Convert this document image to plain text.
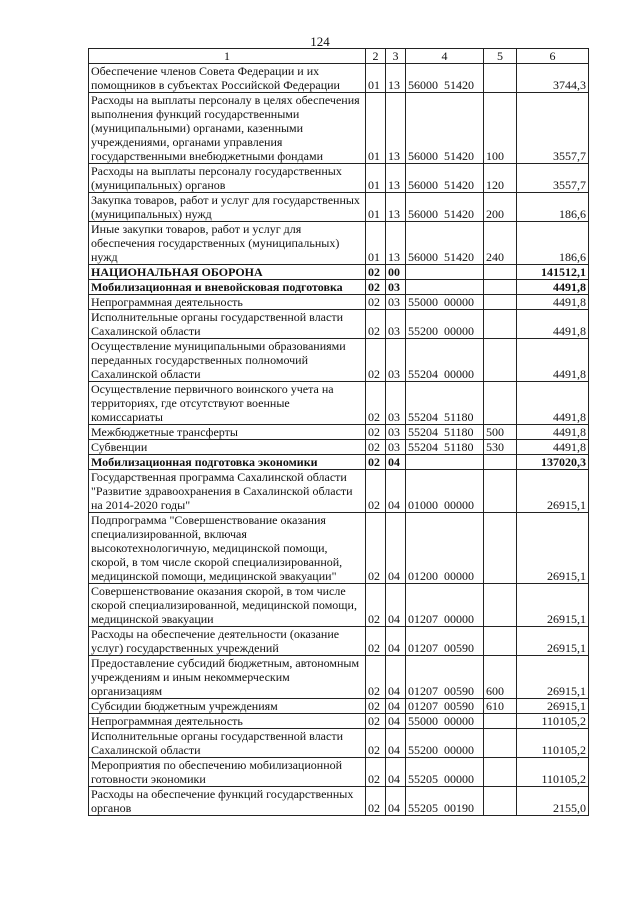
124
1	2	3	4	5	6
Обеспечение членов Совета Федерации и их помощников в субъектах Российской Федерации	01	13	56000  51420		3744,3
Расходы на выплаты персоналу в целях обеспечения выполнения функций государственными (муниципальными) органами, казенными учреждениями, органами управления государственными внебюджетными фондами	01	13	56000  51420	100	3557,7
Расходы на выплаты персоналу государственных (муниципальных) органов	01	13	56000  51420	120	3557,7
Закупка товаров, работ и услуг для государственных (муниципальных) нужд	01	13	56000  51420	200	186,6
Иные закупки товаров, работ и услуг для обеспечения государственных (муниципальных) нужд	01	13	56000  51420	240	186,6
НАЦИОНАЛЬНАЯ ОБОРОНА	02	00			141512,1
Мобилизационная и вневойсковая подготовка	02	03			4491,8
Непрограммная деятельность	02	03	55000  00000		4491,8
Исполнительные органы государственной власти Сахалинской области	02	03	55200  00000		4491,8
Осуществление муниципальными образованиями переданных государственных полномочий Сахалинской области	02	03	55204  00000		4491,8
Осуществление первичного воинского учета на территориях, где отсутствуют военные комиссариаты	02	03	55204  51180		4491,8
Межбюджетные трансферты	02	03	55204  51180	500	4491,8
Субвенции	02	03	55204  51180	530	4491,8
Мобилизационная подготовка экономики	02	04			137020,3
Государственная программа Сахалинской области "Развитие здравоохранения в Сахалинской области на 2014-2020 годы"	02	04	01000  00000		26915,1
Подпрограмма "Совершенствование оказания специализированной, включая высокотехнологичную, медицинской помощи, скорой, в том числе скорой специализированной, медицинской помощи, медицинской эвакуации"	02	04	01200  00000		26915,1
Совершенствование оказания скорой, в том числе скорой специализированной, медицинской помощи, медицинской эвакуации	02	04	01207  00000		26915,1
Расходы на обеспечение деятельности (оказание услуг) государственных учреждений	02	04	01207  00590		26915,1
Предоставление субсидий бюджетным, автономным учреждениям и иным некоммерческим организациям	02	04	01207  00590	600	26915,1
Субсидии бюджетным учреждениям	02	04	01207  00590	610	26915,1
Непрограммная деятельность	02	04	55000  00000		110105,2
Исполнительные органы государственной власти Сахалинской области	02	04	55200  00000		110105,2
Мероприятия по обеспечению мобилизационной готовности экономики	02	04	55205  00000		110105,2
Расходы на обеспечение функций государственных органов	02	04	55205  00190		2155,0
